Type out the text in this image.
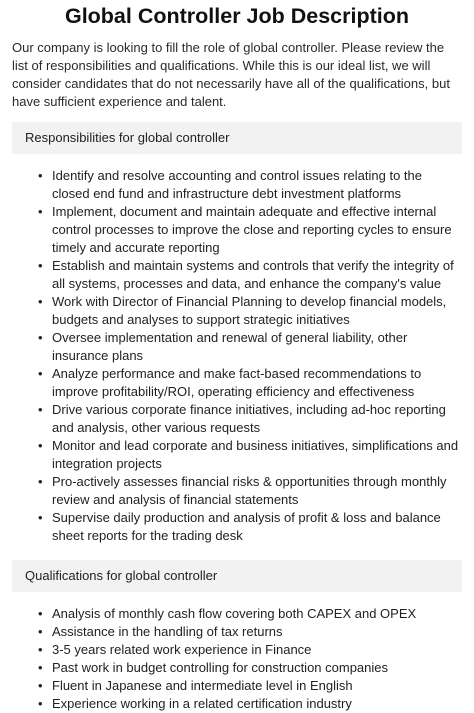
Global Controller Job Description

Our company is looking to fill the role of global controller. Please review the list of responsibilities and qualifications. While this is our ideal list, we will consider candidates that do not necessarily have all of the qualifications, but have sufficient experience and talent.

Responsibilities for global controller
• Identify and resolve accounting and control issues relating to the closed end fund and infrastructure debt investment platforms
• Implement, document and maintain adequate and effective internal control processes to improve the close and reporting cycles to ensure timely and accurate reporting
• Establish and maintain systems and controls that verify the integrity of all systems, processes and data, and enhance the company's value
• Work with Director of Financial Planning to develop financial models, budgets and analyses to support strategic initiatives
• Oversee implementation and renewal of general liability, other insurance plans
• Analyze performance and make fact-based recommendations to improve profitability/ROI, operating efficiency and effectiveness
• Drive various corporate finance initiatives, including ad-hoc reporting and analysis, other various requests
• Monitor and lead corporate and business initiatives, simplifications and integration projects
• Pro-actively assesses financial risks & opportunities through monthly review and analysis of financial statements
• Supervise daily production and analysis of profit & loss and balance sheet reports for the trading desk
Qualifications for global controller
• Analysis of monthly cash flow covering both CAPEX and OPEX
• Assistance in the handling of tax returns
• 3-5 years related work experience in Finance
• Past work in budget controlling for construction companies
• Fluent in Japanese and intermediate level in English
• Experience working in a related certification industry
